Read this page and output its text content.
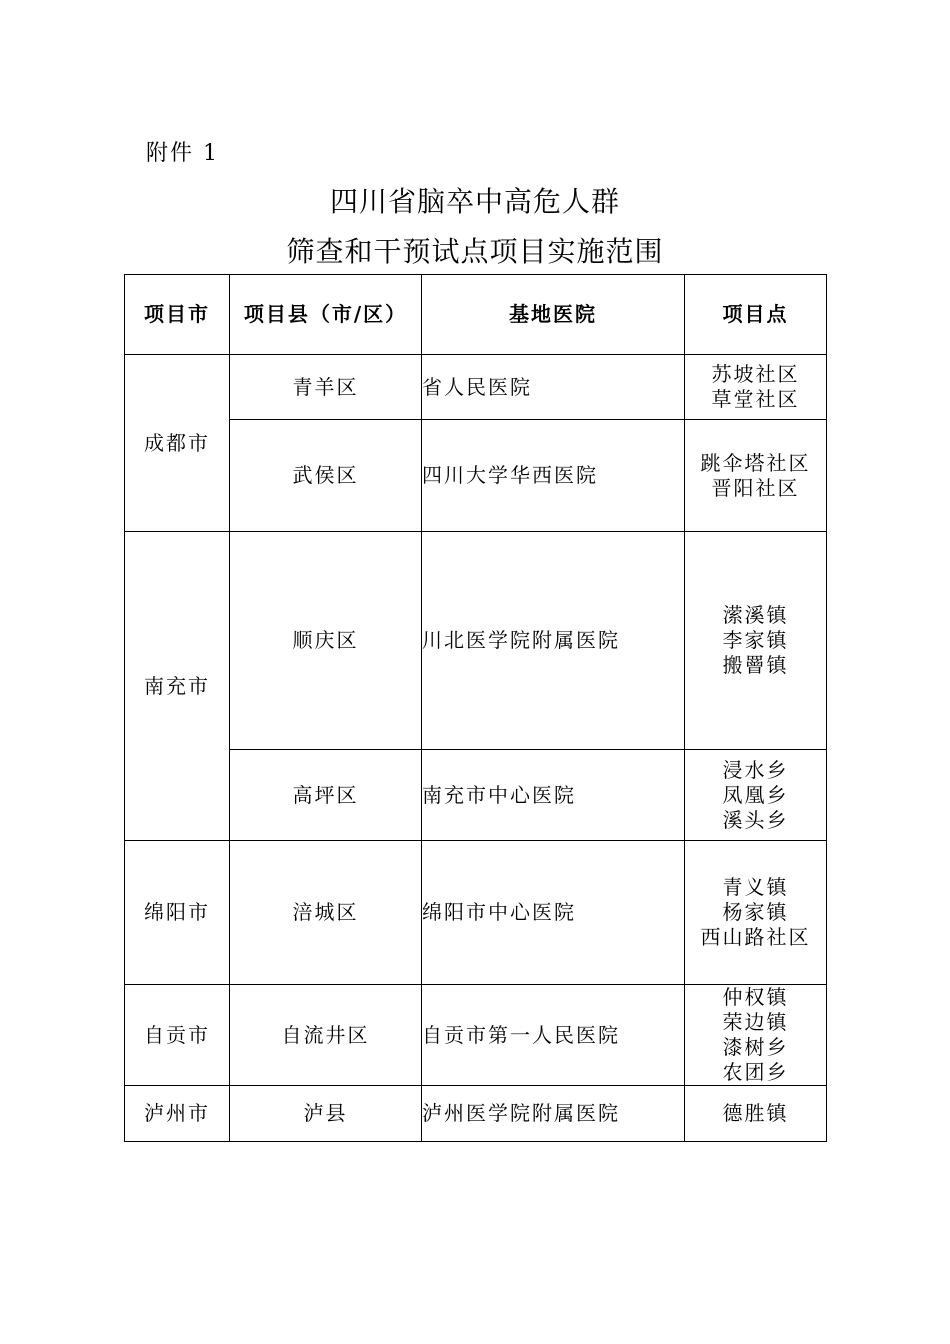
附件 1
四川省脑卒中高危人群
筛查和干预试点项目实施范围
项目市	项目县（市/区）	基地医院	项目点
成都市	青羊区	省人民医院	苏坡社区
草堂社区

	武侯区	四川大学华西医院	跳伞塔社区
晋阳社区

南充市	顺庆区	川北医学院附属医院	潆溪镇
李家镇
搬罾镇

	高坪区	南充市中心医院	浸水乡
凤凰乡
溪头乡

绵阳市	涪城区	绵阳市中心医院	青义镇
杨家镇
西山路社区

自贡市	自流井区	自贡市第一人民医院	仲权镇
荣边镇
漆树乡
农团乡

泸州市	泸县	泸州医学院附属医院	德胜镇
